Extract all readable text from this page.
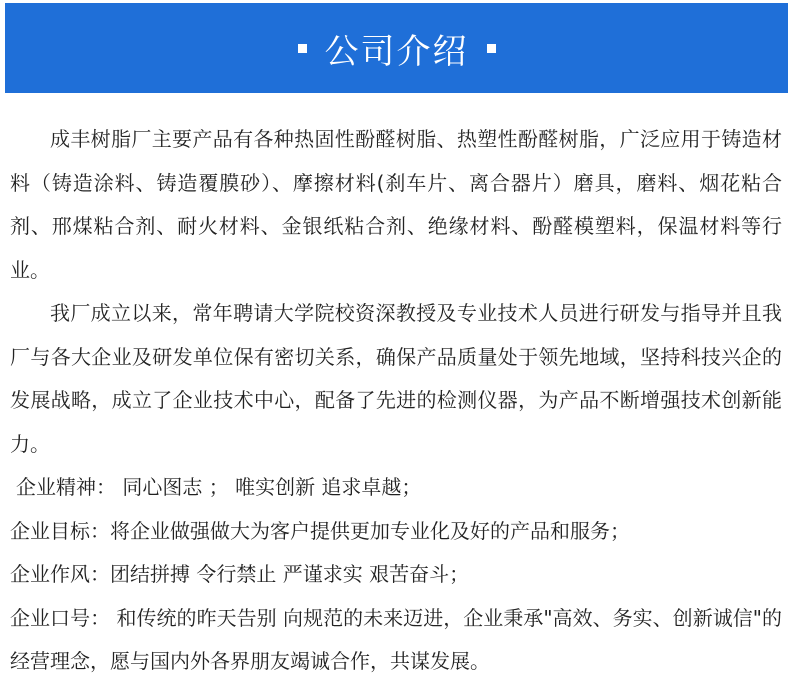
公司介绍

成丰树脂厂主要产品有各种热固性酚醛树脂、热塑性酚醛树脂，广泛应用于铸造材料（铸造涂料、铸造覆膜砂）、摩擦材料(刹车片、离合器片）磨具，磨料、烟花粘合剂、邢煤粘合剂、耐火材料、金银纸粘合剂、绝缘材料、酚醛模塑料，保温材料等行业。

我厂成立以来，常年聘请大学院校资深教授及专业技术人员进行研发与指导并且我厂与各大企业及研发单位保有密切关系，确保产品质量处于领先地域，坚持科技兴企的发展战略，成立了企业技术中心，配备了先进的检测仪器，为产品不断增强技术创新能力。

企业精神： 同心图志 ； 唯实创新 追求卓越；

企业目标：将企业做强做大为客户提供更加专业化及好的产品和服务；

企业作风：团结拼搏 令行禁止 严谨求实 艰苦奋斗；

企业口号： 和传统的昨天告别 向规范的未来迈进，企业秉承"高效、务实、创新诚信"的经营理念，愿与国内外各界朋友竭诚合作，共谋发展。
